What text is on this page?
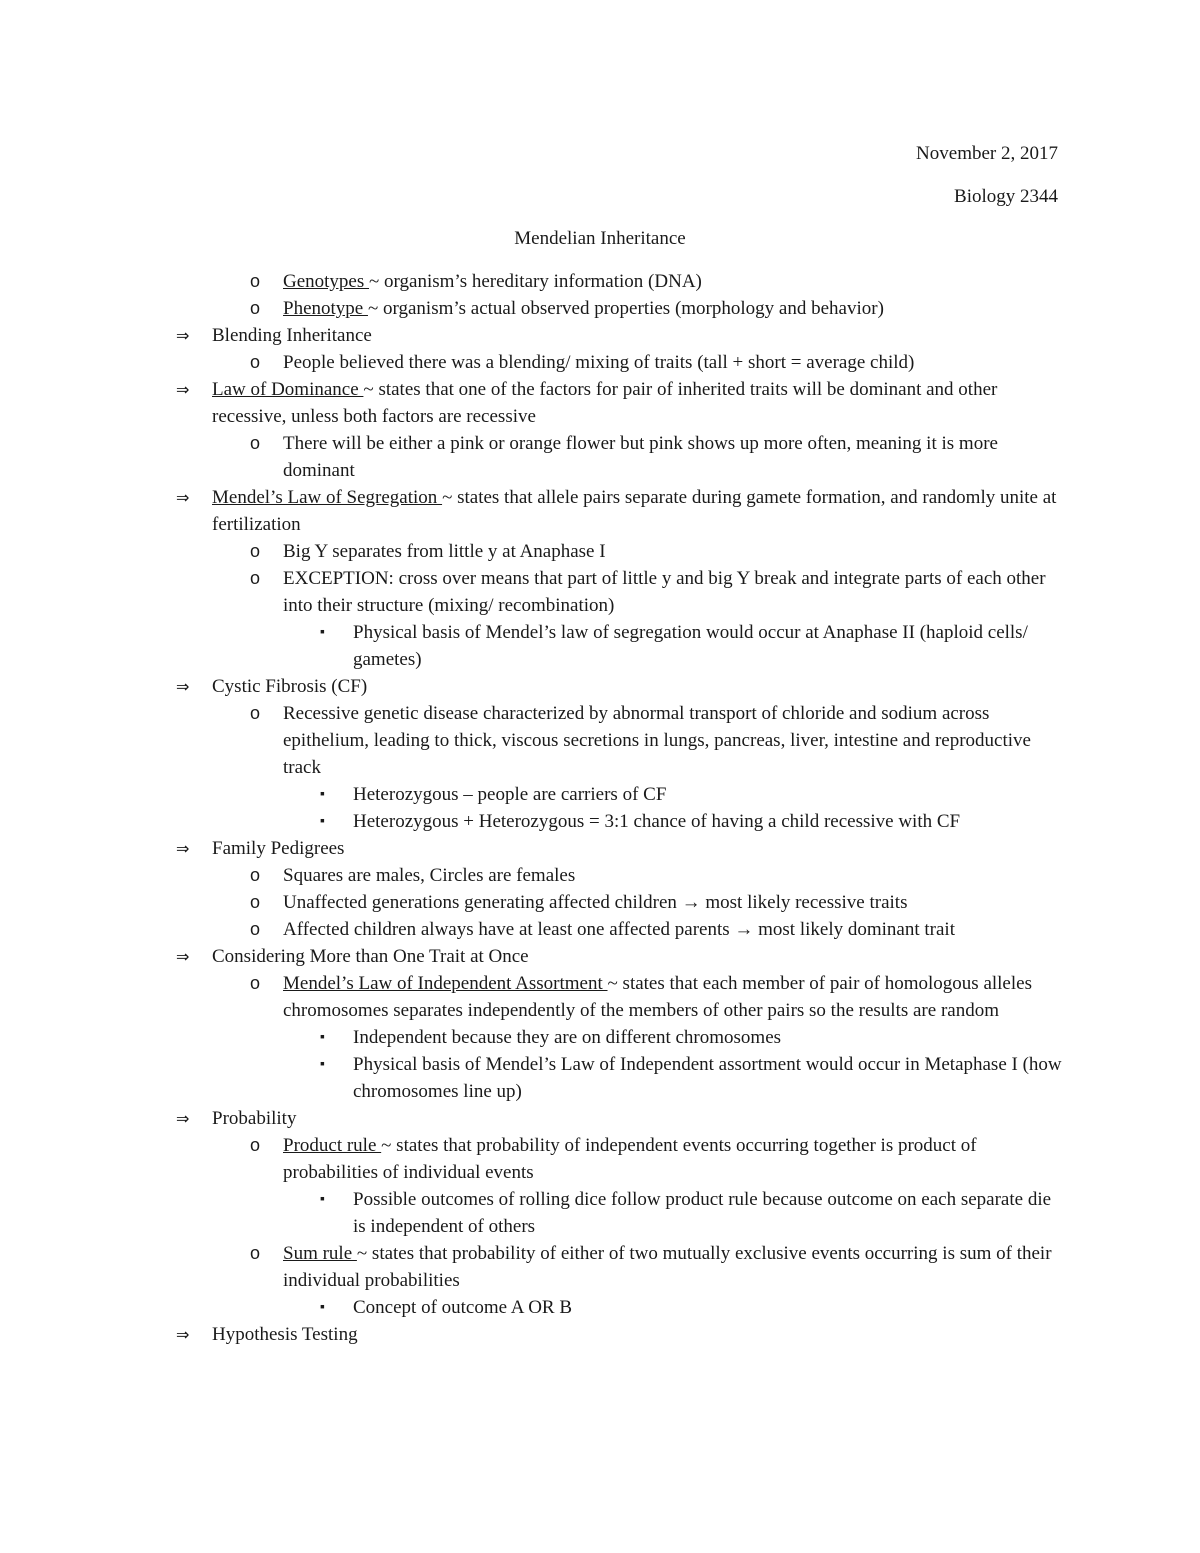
November 2, 2017
Biology 2344
Mendelian Inheritance
o Genotypes ~ organism’s hereditary information (DNA)
o Phenotype ~ organism’s actual observed properties (morphology and behavior)
⇒ Blending Inheritance
o People believed there was a blending/ mixing of traits (tall + short = average child)
⇒ Law of Dominance ~ states that one of the factors for pair of inherited traits will be dominant and other recessive, unless both factors are recessive
o There will be either a pink or orange flower but pink shows up more often, meaning it is more dominant
⇒ Mendel’s Law of Segregation ~ states that allele pairs separate during gamete formation, and randomly unite at fertilization
o Big Y separates from little y at Anaphase I
o EXCEPTION: cross over means that part of little y and big Y break and integrate parts of each other into their structure (mixing/ recombination)
▪ Physical basis of Mendel’s law of segregation would occur at Anaphase II (haploid cells/ gametes)
⇒ Cystic Fibrosis (CF)
o Recessive genetic disease characterized by abnormal transport of chloride and sodium across epithelium, leading to thick, viscous secretions in lungs, pancreas, liver, intestine and reproductive track
▪ Heterozygous – people are carriers of CF
▪ Heterozygous + Heterozygous = 3:1 chance of having a child recessive with CF
⇒ Family Pedigrees
o Squares are males, Circles are females
o Unaffected generations generating affected children → most likely recessive traits
o Affected children always have at least one affected parents → most likely dominant trait
⇒ Considering More than One Trait at Once
o Mendel’s Law of Independent Assortment ~ states that each member of pair of homologous alleles chromosomes separates independently of the members of other pairs so the results are random
▪ Independent because they are on different chromosomes
▪ Physical basis of Mendel’s Law of Independent assortment would occur in Metaphase I (how chromosomes line up)
⇒ Probability
o Product rule ~ states that probability of independent events occurring together is product of probabilities of individual events
▪ Possible outcomes of rolling dice follow product rule because outcome on each separate die is independent of others
o Sum rule ~ states that probability of either of two mutually exclusive events occurring is sum of their individual probabilities
▪ Concept of outcome A OR B
⇒ Hypothesis Testing
